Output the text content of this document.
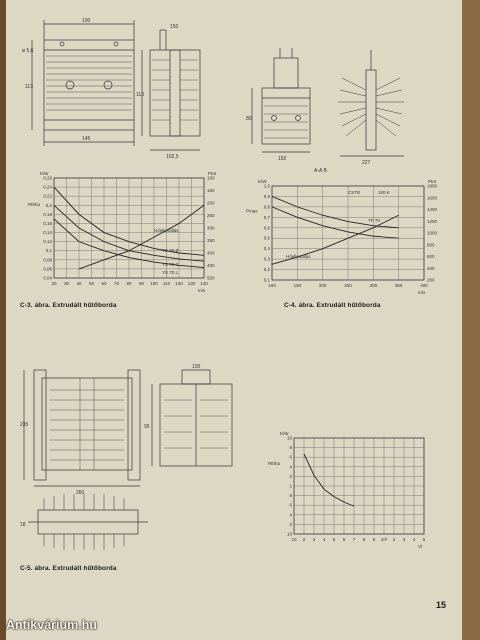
100
145
113
ø 5,6
113
102,5
150
150
227
80
A-A B
20 30 40 50 60 70 80 90 100 110 120 130 140
0,26
0,24
0,22
0,2
0,18
0,16
0,14
0,12
0,1
0,08
0,06
0,04
100
150
200
250
300
350
400
450
500
Ptot
K/W
Rthha
m/s
Hőellenállás
YS 70 Z
YS 70 C
YS 70 L
100	150	200	250	300	350	400
1,0
0,9
0,8
0,7
0,6
0,5
0,4
0,3
0,2
0,1
1800
1600
1400
1200
1000
800
600
400
200
Ptot
K/W
Pmax
m/s
Hőellenállás
CSTB	150 K
TP 70
C-3. ábra. Extrudált hűtőborda	C-4. ábra. Extrudált hűtőborda
260
235
100
95
18
10 2 3 4 5 6 7 8 9 10² 2 3 4 5
10
8
6
4
2
1
8
6
4
2
10
K/W
Rthha
Vl
C-5. ábra. Extrudált hűtőborda
15
Antikvárium.hu
